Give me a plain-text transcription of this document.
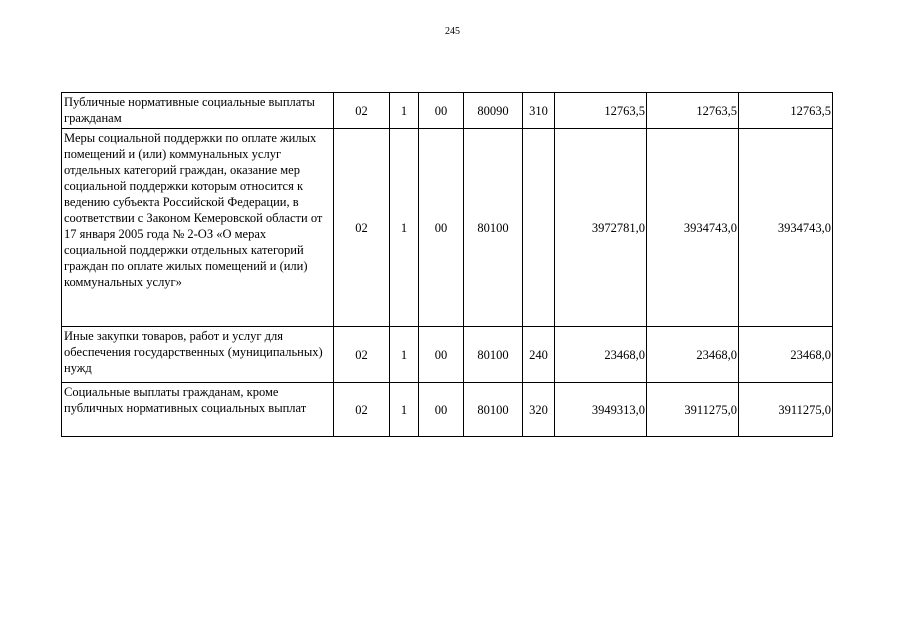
245
Публичные нормативные социальные выплаты гражданам	02	1	00	80090	310	12763,5	12763,5	12763,5
Меры социальной поддержки по оплате жилых помещений и (или) коммунальных услуг отдельных категорий граждан, оказание мер социальной поддержки которым относится к ведению субъекта Российской Федерации, в соответствии с Законом Кемеровской области от 17 января 2005 года № 2-ОЗ «О мерах социальной поддержки отдельных категорий граждан по оплате жилых помещений и (или) коммунальных услуг»	02	1	00	80100		3972781,0	3934743,0	3934743,0
Иные закупки товаров, работ и услуг для обеспечения государственных (муниципальных) нужд	02	1	00	80100	240	23468,0	23468,0	23468,0
Социальные выплаты гражданам, кроме публичных нормативных социальных выплат	02	1	00	80100	320	3949313,0	3911275,0	3911275,0
